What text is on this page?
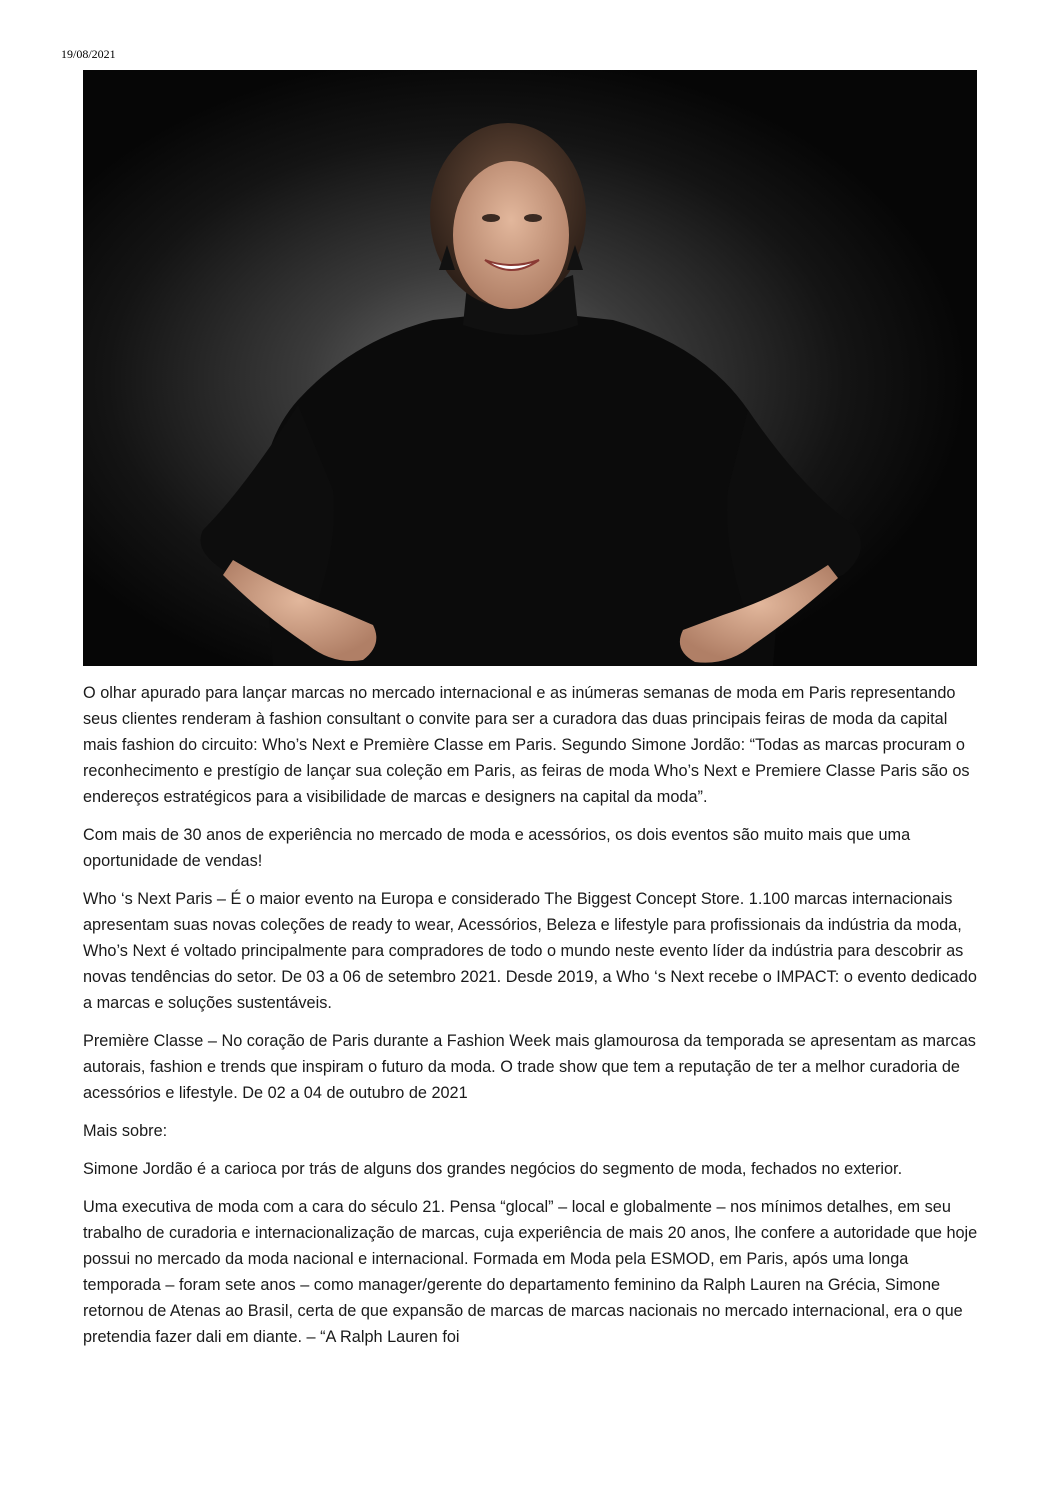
19/08/2021

O olhar apurado para lançar marcas no mercado internacional e as inúmeras semanas de moda em Paris representando seus clientes renderam à fashion consultant o convite para ser a curadora das duas principais feiras de moda da capital mais fashion do circuito: Who’s Next e Première Classe em Paris. Segundo Simone Jordão: “Todas as marcas procuram o reconhecimento e prestígio de lançar sua coleção em Paris, as feiras de moda Who’s Next e Premiere Classe Paris são os endereços estratégicos para a visibilidade de marcas e designers na capital da moda”.

Com mais de 30 anos de experiência no mercado de moda e acessórios, os dois eventos são muito mais que uma oportunidade de vendas!

Who ‘s Next Paris – É o maior evento na Europa e considerado The Biggest Concept Store. 1.100 marcas internacionais apresentam suas novas coleções de ready to wear, Acessórios, Beleza e lifestyle para profissionais da indústria da moda, Who’s Next é voltado principalmente para compradores de todo o mundo neste evento líder da indústria para descobrir as novas tendências do setor. De 03 a 06 de setembro 2021. Desde 2019, a Who ‘s Next recebe o IMPACT: o evento dedicado a marcas e soluções sustentáveis.

Première Classe – No coração de Paris durante a Fashion Week mais glamourosa da temporada se apresentam as marcas autorais, fashion e trends que inspiram o futuro da moda. O trade show que tem a reputação de ter a melhor curadoria de acessórios e lifestyle. De 02 a 04 de outubro de 2021

Mais sobre:

Simone Jordão é a carioca por trás de alguns dos grandes negócios do segmento de moda, fechados no exterior.

Uma executiva de moda com a cara do século 21. Pensa “glocal” – local e globalmente – nos mínimos detalhes, em seu trabalho de curadoria e internacionalização de marcas, cuja experiência de mais 20 anos, lhe confere a autoridade que hoje possui no mercado da moda nacional e internacional. Formada em Moda pela ESMOD, em Paris, após uma longa temporada – foram sete anos – como manager/gerente do departamento feminino da Ralph Lauren na Grécia, Simone retornou de Atenas ao Brasil, certa de que expansão de marcas de marcas nacionais no mercado internacional, era o que pretendia fazer dali em diante. – “A Ralph Lauren foi
